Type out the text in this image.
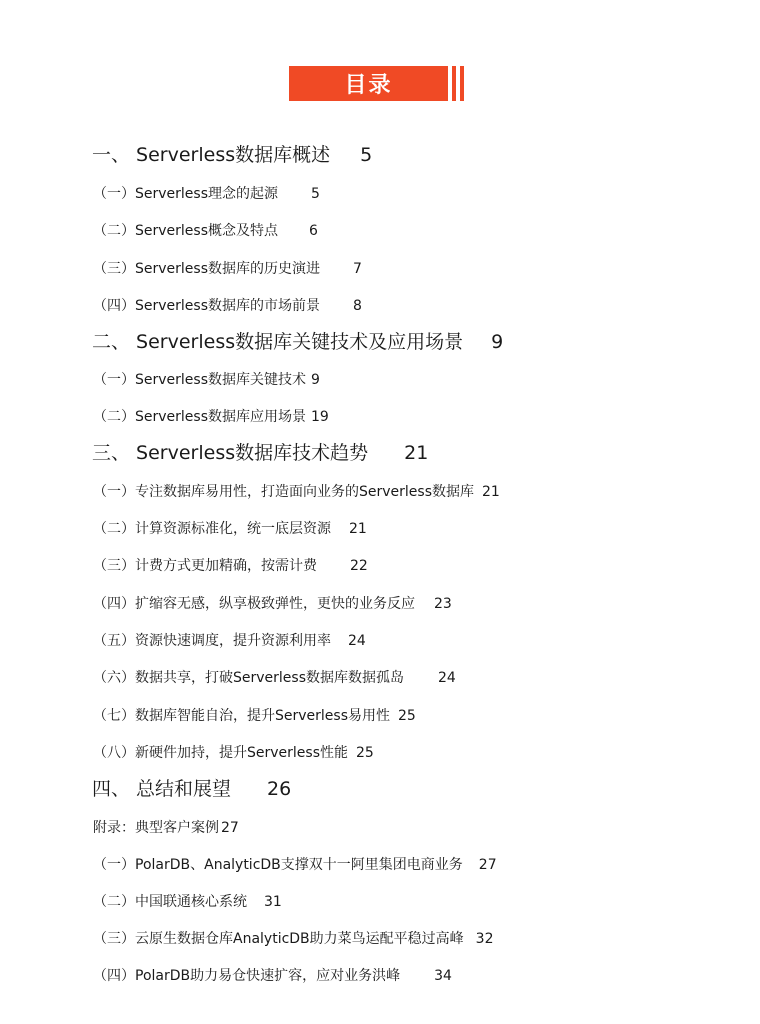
目录
一、 Serverless数据库概述 5
（一）Serverless理念的起源 5
（二）Serverless概念及特点 6
（三）Serverless数据库的历史演进 7
（四）Serverless数据库的市场前景 8
二、 Serverless数据库关键技术及应用场景 9
（一）Serverless数据库关键技术 9
（二）Serverless数据库应用场景 19
三、 Serverless数据库技术趋势 21
（一）专注数据库易用性，打造面向业务的Serverless数据库 21
（二）计算资源标准化，统一底层资源 21
（三）计费方式更加精确，按需计费 22
（四）扩缩容无感，纵享极致弹性，更快的业务反应 23
（五）资源快速调度，提升资源利用率 24
（六）数据共享，打破Serverless数据库数据孤岛 24
（七）数据库智能自治，提升Serverless易用性 25
（八）新硬件加持，提升Serverless性能 25
四、 总结和展望 26
附录：典型客户案例 27
（一）PolarDB、AnalyticDB支撑双十一阿里集团电商业务 27
（二）中国联通核心系统 31
（三）云原生数据仓库AnalyticDB助力菜鸟运配平稳过高峰 32
（四）PolarDB助力易仓快速扩容，应对业务洪峰 34
